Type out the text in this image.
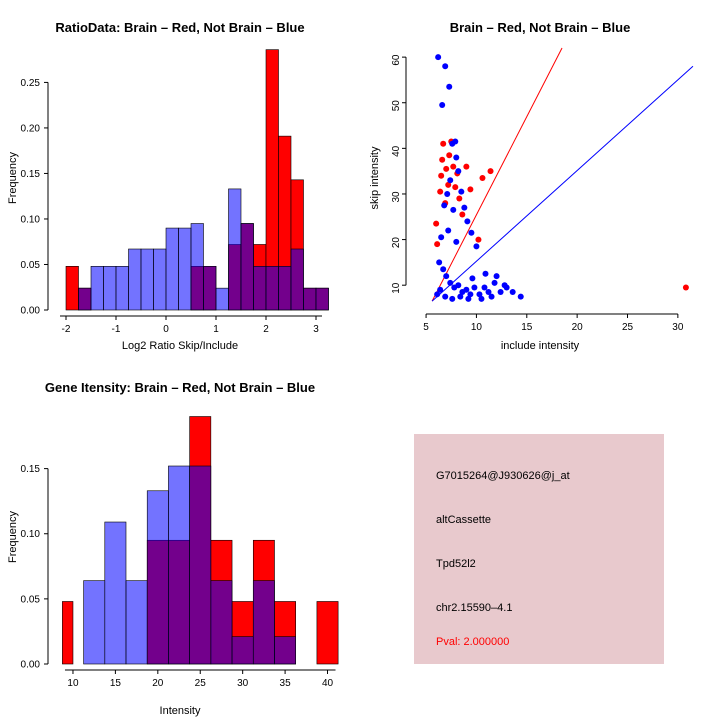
RatioData: Brain – Red, Not Brain – Blue
-2	-1	0	1	2	3
0.00
0.05
0.10
0.15
0.20
0.25
Frequency
Log2 Ratio Skip/Include
Brain – Red, Not Brain – Blue
5	10	15	20	25	30
10
20
30
40
50
60
skip intensity
include intensity
Gene Itensity: Brain – Red, Not Brain – Blue
10	15	20	25	30	35	40
0.00
0.05
0.10
0.15
Frequency
Intensity
G7015264@J930626@j_at
altCassette
Tpd52l2
chr2.15590–4.1
Pval: 2.000000
